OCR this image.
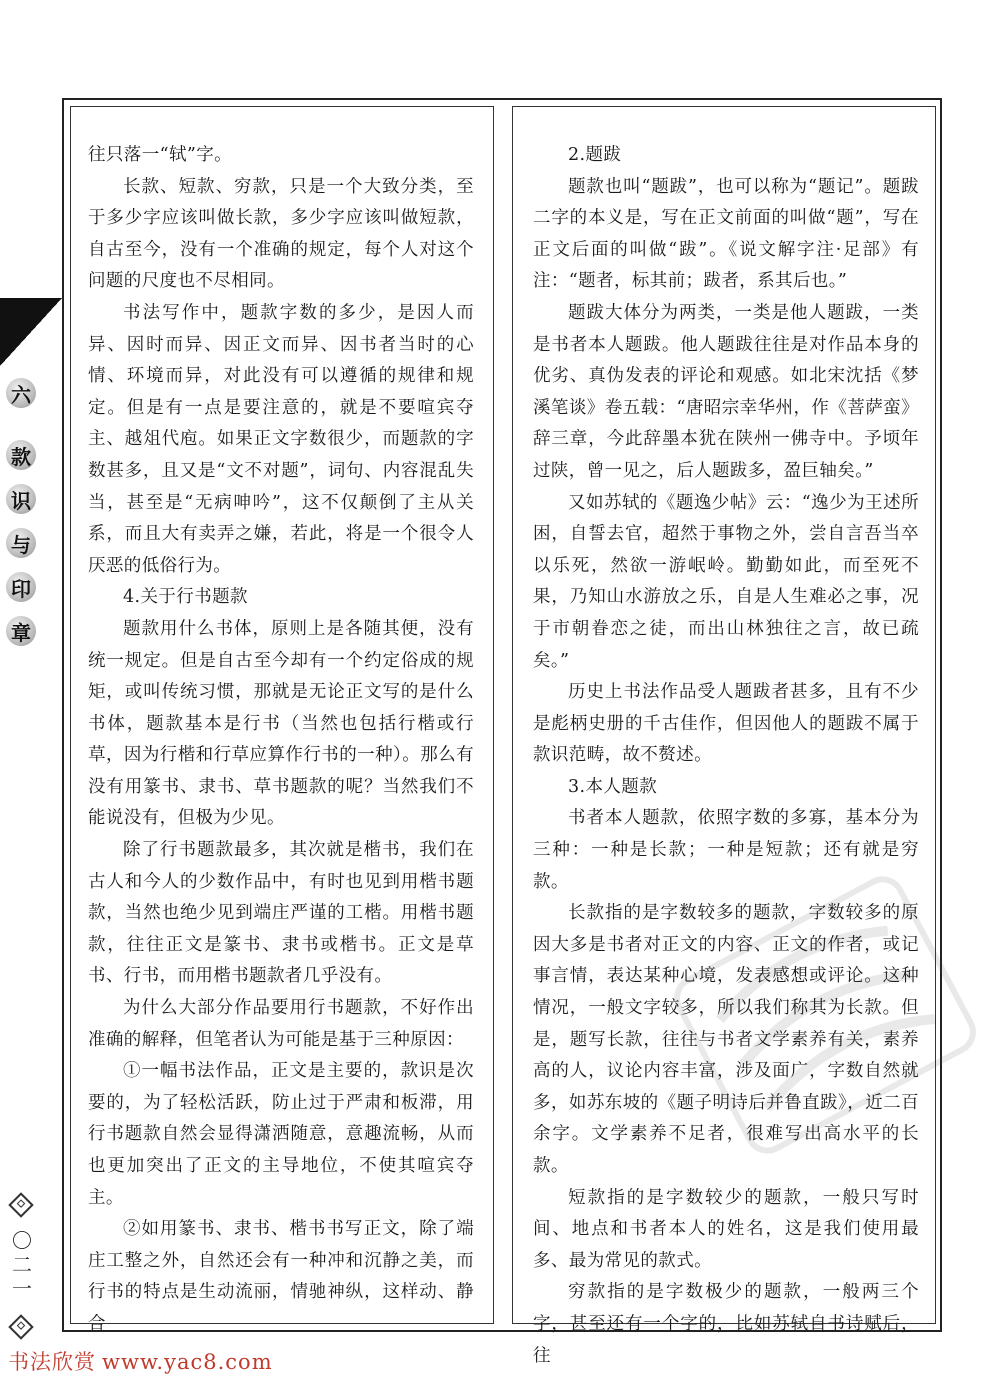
六
款
识
与
印
章
〇二一

往只落一“轼”字。

长款、短款、穷款，只是一个大致分类，至于多少字应该叫做长款，多少字应该叫做短款，自古至今，没有一个准确的规定，每个人对这个问题的尺度也不尽相同。

书法写作中，题款字数的多少，是因人而异、因时而异、因正文而异、因书者当时的心情、环境而异，对此没有可以遵循的规律和规定。但是有一点是要注意的，就是不要喧宾夺主、越俎代庖。如果正文字数很少，而题款的字数甚多，且又是“文不对题”，词句、内容混乱失当，甚至是“无病呻吟”，这不仅颠倒了主从关系，而且大有卖弄之嫌，若此，将是一个很令人厌恶的低俗行为。

4.关于行书题款

题款用什么书体，原则上是各随其便，没有统一规定。但是自古至今却有一个约定俗成的规矩，或叫传统习惯，那就是无论正文写的是什么书体，题款基本是行书（当然也包括行楷或行草，因为行楷和行草应算作行书的一种）。那么有没有用篆书、隶书、草书题款的呢？当然我们不能说没有，但极为少见。

除了行书题款最多，其次就是楷书，我们在古人和今人的少数作品中，有时也见到用楷书题款，当然也绝少见到端庄严谨的工楷。用楷书题款，往往正文是篆书、隶书或楷书。正文是草书、行书，而用楷书题款者几乎没有。

为什么大部分作品要用行书题款，不好作出准确的解释，但笔者认为可能是基于三种原因：

①一幅书法作品，正文是主要的，款识是次要的，为了轻松活跃，防止过于严肃和板滞，用行书题款自然会显得潇洒随意，意趣流畅，从而也更加突出了正文的主导地位，不使其喧宾夺主。

②如用篆书、隶书、楷书书写正文，除了端庄工整之外，自然还会有一种冲和沉静之美，而行书的特点是生动流丽，情驰神纵，这样动、静合

2.题跋

题款也叫“题跋”，也可以称为“题记”。题跋二字的本义是，写在正文前面的叫做“题”，写在正文后面的叫做“跋”。《说文解字注·足部》有注：“题者，标其前；跋者，系其后也。”

题跋大体分为两类，一类是他人题跋，一类是书者本人题跋。他人题跋往往是对作品本身的优劣、真伪发表的评论和观感。如北宋沈括《梦溪笔谈》卷五载：“唐昭宗幸华州，作《菩萨蛮》辞三章，今此辞墨本犹在陕州一佛寺中。予顷年过陕，曾一见之，后人题跋多，盈巨轴矣。”

又如苏轼的《题逸少帖》云：“逸少为王述所困，自誓去官，超然于事物之外，尝自言吾当卒以乐死，然欲一游岷岭。勤勤如此，而至死不果，乃知山水游放之乐，自是人生难必之事，况于市朝眷恋之徒，而出山林独往之言，故已疏矣。”

历史上书法作品受人题跋者甚多，且有不少是彪柄史册的千古佳作，但因他人的题跋不属于款识范畴，故不赘述。

3.本人题款

书者本人题款，依照字数的多寡，基本分为三种：一种是长款；一种是短款；还有就是穷款。

长款指的是字数较多的题款，字数较多的原因大多是书者对正文的内容、正文的作者，或记事言情，表达某种心境，发表感想或评论。这种情况，一般文字较多，所以我们称其为长款。但是，题写长款，往往与书者文学素养有关，素养高的人，议论内容丰富，涉及面广，字数自然就多，如苏东坡的《题子明诗后并鲁直跋》，近二百余字。文学素养不足者，很难写出高水平的长款。

短款指的是字数较少的题款，一般只写时间、地点和书者本人的姓名，这是我们使用最多、最为常见的款式。

穷款指的是字数极少的题款，一般两三个字，甚至还有一个字的，比如苏轼自书诗赋后，往

书法欣赏 www.yac8.com
